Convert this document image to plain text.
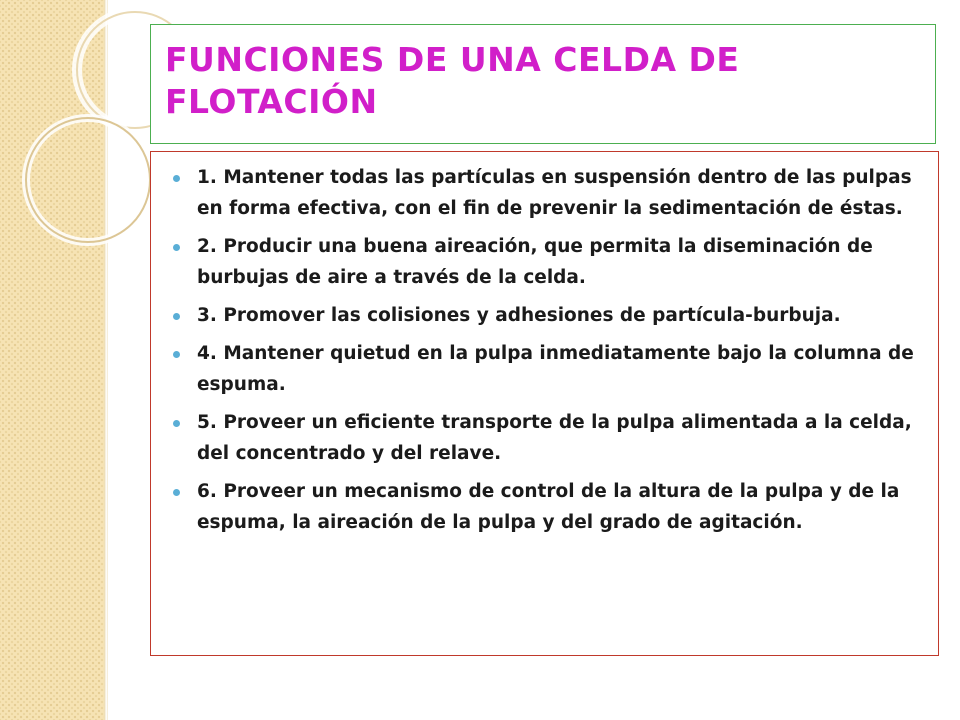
FUNCIONES DE UNA CELDA DE FLOTACIÓN
1. Mantener todas las partículas en suspensión dentro de las pulpas en forma efectiva, con el fin de prevenir la sedimentación de éstas.
2. Producir una buena aireación, que permita la diseminación de burbujas de aire a través de la celda.
3. Promover las colisiones y adhesiones de partícula-burbuja.
4. Mantener quietud en la pulpa inmediatamente bajo la columna de espuma.
5. Proveer un eficiente transporte de la pulpa alimentada a la celda, del concentrado y del relave.
6. Proveer un mecanismo de control de la altura de la pulpa y de la espuma, la aireación de la pulpa y del grado de agitación.
